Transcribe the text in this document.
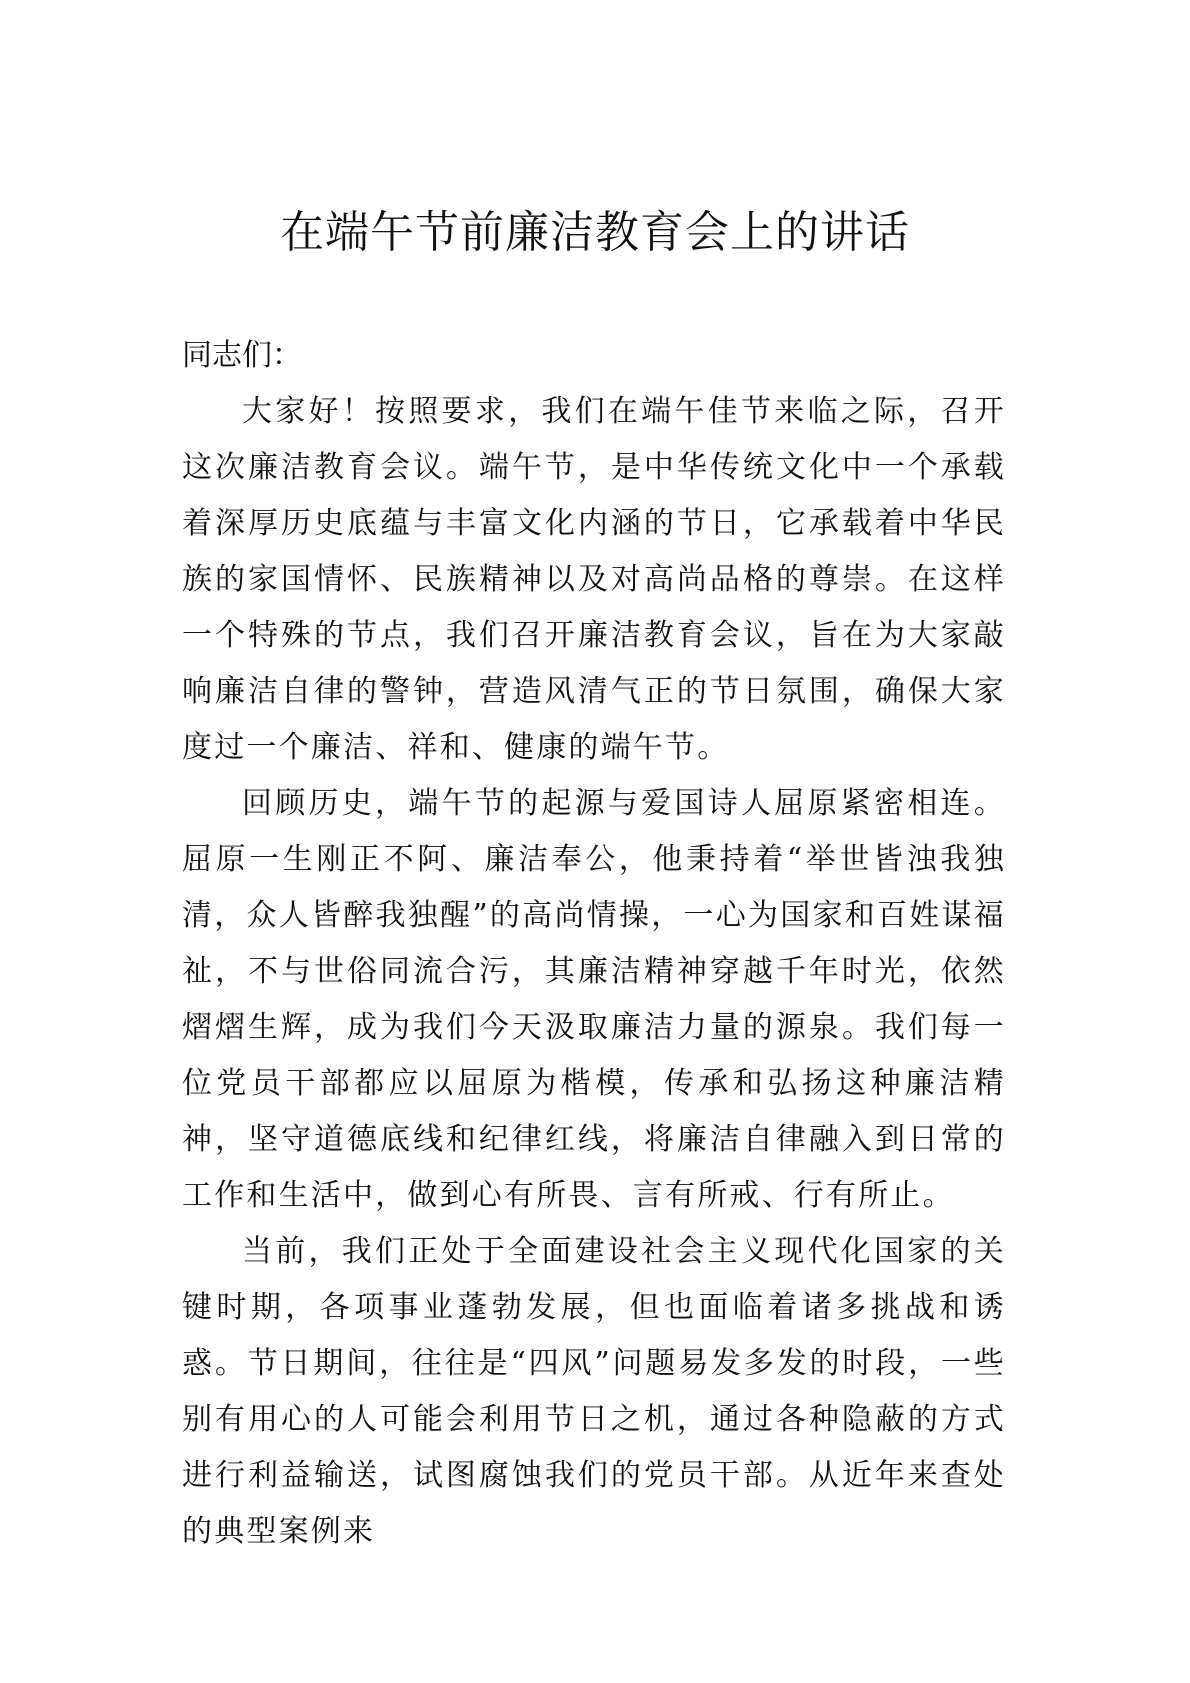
在端午节前廉洁教育会上的讲话

同志们：

大家好！按照要求，我们在端午佳节来临之际，召开这次廉洁教育会议。端午节，是中华传统文化中一个承载着深厚历史底蕴与丰富文化内涵的节日，它承载着中华民族的家国情怀、民族精神以及对高尚品格的尊崇。在这样一个特殊的节点，我们召开廉洁教育会议，旨在为大家敲响廉洁自律的警钟，营造风清气正的节日氛围，确保大家度过一个廉洁、祥和、健康的端午节。

回顾历史，端午节的起源与爱国诗人屈原紧密相连。屈原一生刚正不阿、廉洁奉公，他秉持着“举世皆浊我独清，众人皆醉我独醒”的高尚情操，一心为国家和百姓谋福祉，不与世俗同流合污，其廉洁精神穿越千年时光，依然熠熠生辉，成为我们今天汲取廉洁力量的源泉。我们每一位党员干部都应以屈原为楷模，传承和弘扬这种廉洁精神，坚守道德底线和纪律红线，将廉洁自律融入到日常的工作和生活中，做到心有所畏、言有所戒、行有所止。

当前，我们正处于全面建设社会主义现代化国家的关键时期，各项事业蓬勃发展，但也面临着诸多挑战和诱惑。节日期间，往往是“四风”问题易发多发的时段，一些别有用心的人可能会利用节日之机，通过各种隐蔽的方式进行利益输送，试图腐蚀我们的党员干部。从近年来查处的典型案例来
